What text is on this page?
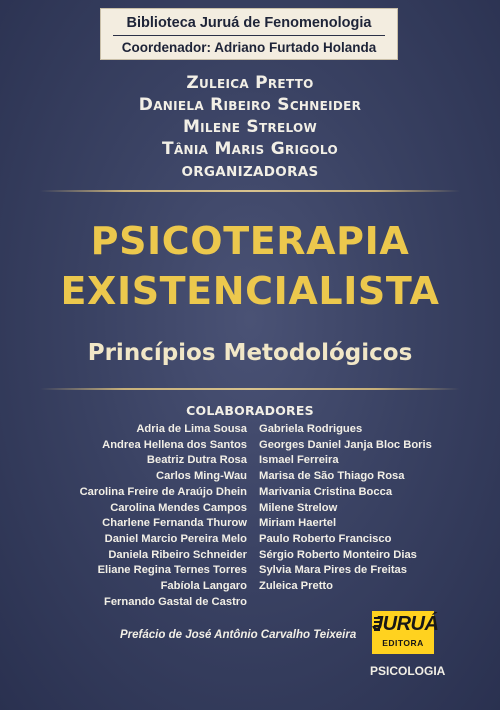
Biblioteca Juruá de Fenomenologia
Coordenador: Adriano Furtado Holanda
Zuleica Pretto
Daniela Ribeiro Schneider
Milene Strelow
Tânia Maris Grigolo
ORGANIZADORAS
PSICOTERAPIA
EXISTENCIALISTA
Princípios Metodológicos
COLABORADORES
Adria de Lima Sousa
Andrea Hellena dos Santos
Beatriz Dutra Rosa
Carlos Ming-Wau
Carolina Freire de Araújo Dhein
Carolina Mendes Campos
Charlene Fernanda Thurow
Daniel Marcio Pereira Melo
Daniela Ribeiro Schneider
Eliane Regina Ternes Torres
Fabíola Langaro
Fernando Gastal de Castro
Gabriela Rodrigues
Georges Daniel Janja Bloc Boris
Ismael Ferreira
Marisa de São Thiago Rosa
Marivania Cristina Bocca
Milene Strelow
Miriam Haertel
Paulo Roberto Francisco
Sérgio Roberto Monteiro Dias
Sylvia Mara Pires de Freitas
Zuleica Pretto
Prefácio de José Antônio Carvalho Teixeira JURUÁ
EDITORA
PSICOLOGIA
